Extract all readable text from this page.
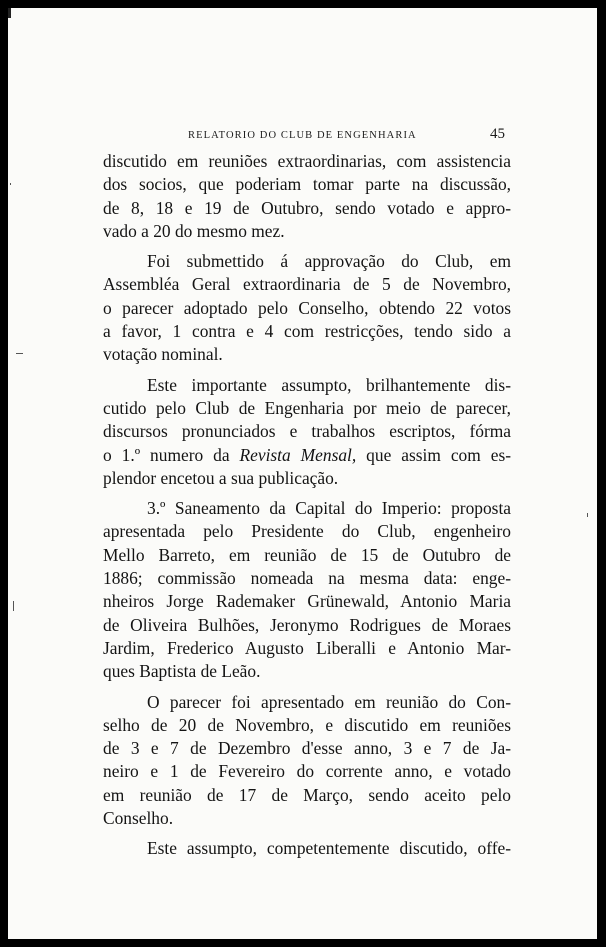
RELATORIO DO CLUB DE ENGENHARIA	45
discutido em reuniões extraordinarias, com assistencia
dos socios, que poderiam tomar parte na discussão,
de 8, 18 e 19 de Outubro, sendo votado e appro-
vado a 20 do mesmo mez.
Foi submettido á approvação do Club, em
Assembléa Geral extraordinaria de 5 de Novembro,
o parecer adoptado pelo Conselho, obtendo 22 votos
a favor, 1 contra e 4 com restricções, tendo sido a
votação nominal.
Este importante assumpto, brilhantemente dis-
cutido pelo Club de Engenharia por meio de parecer,
discursos pronunciados e trabalhos escriptos, fórma
o 1.º numero da Revista Mensal, que assim com es-
plendor encetou a sua publicação.
3.º Saneamento da Capital do Imperio: proposta
apresentada pelo Presidente do Club, engenheiro
Mello Barreto, em reunião de 15 de Outubro de
1886; commissão nomeada na mesma data: enge-
nheiros Jorge Rademaker Grünewald, Antonio Maria
de Oliveira Bulhões, Jeronymo Rodrigues de Moraes
Jardim, Frederico Augusto Liberalli e Antonio Mar-
ques Baptista de Leão.
O parecer foi apresentado em reunião do Con-
selho de 20 de Novembro, e discutido em reuniões
de 3 e 7 de Dezembro d'esse anno, 3 e 7 de Ja-
neiro e 1 de Fevereiro do corrente anno, e votado
em reunião de 17 de Março, sendo aceito pelo
Conselho.
Este assumpto, competentemente discutido, offe-
